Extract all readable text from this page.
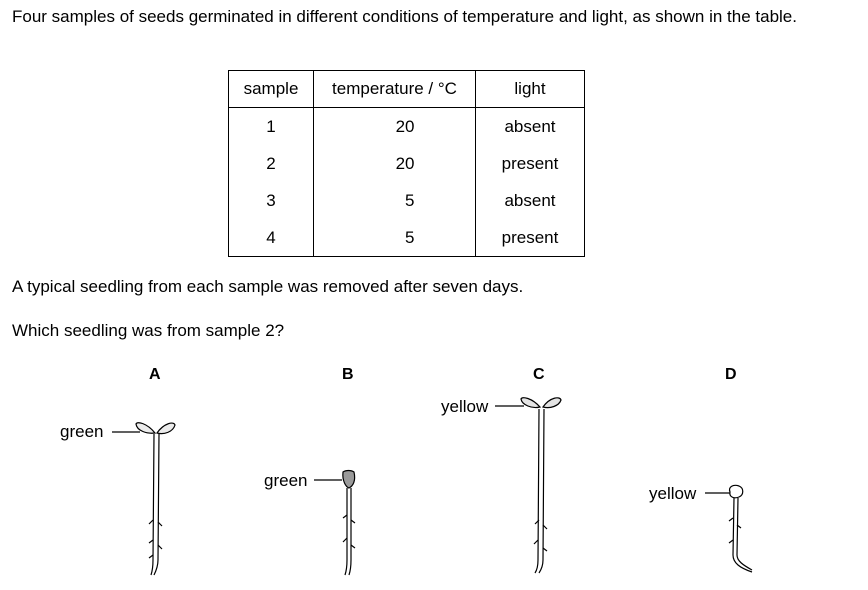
Four samples of seeds germinated in different conditions of temperature and light, as shown in the table.
sample	temperature / °C	light
1	20	absent
2	20	present
3	5	absent
4	5	present
A typical seedling from each sample was removed after seven days.
Which seedling was from sample 2?
A	B	C	D
green
green
yellow
yellow
